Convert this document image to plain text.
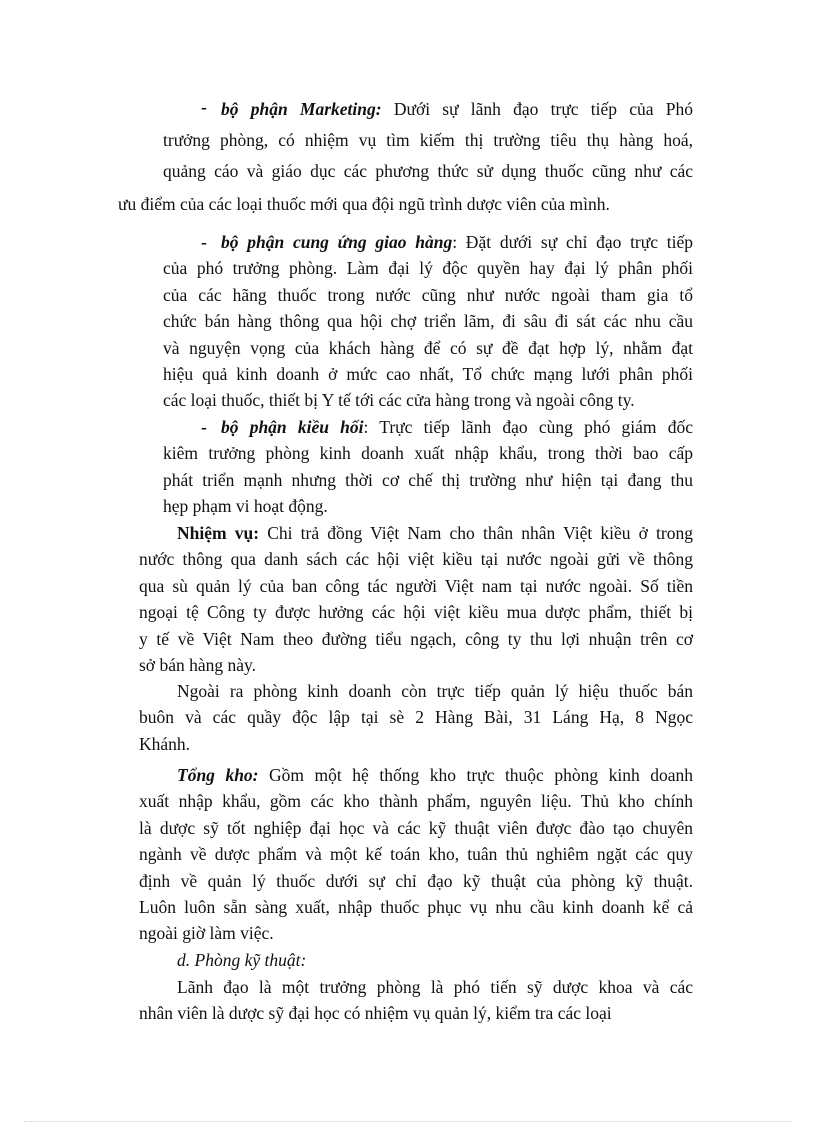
- bộ phận Marketing: Dưới sự lãnh đạo trực tiếp của Phó
trưởng phòng, có nhiệm vụ tìm kiếm thị trường tiêu thụ hàng hoá,
quảng cáo và giáo dục các phương thức sử dụng thuốc cũng như các
ưu điểm của các loại thuốc mới qua đội ngũ trình dược viên của mình.
- bộ phận cung ứng giao hàng: Đặt dưới sự chỉ đạo trực tiếp
của phó trưởng phòng. Làm đại lý độc quyền hay đại lý phân phối
của các hãng thuốc trong nước cũng như nước ngoài tham gia tổ
chức bán hàng thông qua hội chợ triển lãm, đi sâu đi sát các nhu cầu
và nguyện vọng của khách hàng để có sự đề đạt hợp lý, nhằm đạt
hiệu quả kinh doanh ở mức cao nhất, Tổ chức mạng lưới phân phối
các loại thuốc, thiết bị Y tế tới các cửa hàng trong và ngoài công ty.
- bộ phận kiều hối: Trực tiếp lãnh đạo cùng phó giám đốc
kiêm trưởng phòng kinh doanh xuất nhập khẩu, trong thời bao cấp
phát triển mạnh nhưng thời cơ chế thị trường như hiện tại đang thu
hẹp phạm vi hoạt động.
Nhiệm vụ: Chi trả đồng Việt Nam cho thân nhân Việt kiều ở trong
nước thông qua danh sách các hội việt kiều tại nước ngoài gửi về thông
qua sù quản lý của ban công tác người Việt nam tại nước ngoài. Số tiền
ngoại tệ Công ty được hưởng các hội việt kiều mua dược phẩm, thiết bị
y tế về Việt Nam theo đường tiểu ngạch, công ty thu lợi nhuận trên cơ
sở bán hàng này.
Ngoài ra phòng kinh doanh còn trực tiếp quản lý hiệu thuốc bán
buôn và các quầy độc lập tại sè 2 Hàng Bài, 31 Láng Hạ, 8 Ngọc
Khánh.
Tổng kho: Gồm một hệ thống kho trực thuộc phòng kinh doanh
xuất nhập khẩu, gồm các kho thành phẩm, nguyên liệu. Thủ kho chính
là dược sỹ tốt nghiệp đại học và các kỹ thuật viên được đào tạo chuyên
ngành về dược phẩm và một kế toán kho, tuân thủ nghiêm ngặt các quy
định về quản lý thuốc dưới sự chỉ đạo kỹ thuật của phòng kỹ thuật.
Luôn luôn sẵn sàng xuất, nhập thuốc phục vụ nhu cầu kinh doanh kể cả
ngoài giờ làm việc.
d. Phòng kỹ thuật:
Lãnh đạo là một trưởng phòng là phó tiến sỹ dược khoa và các
nhân viên là dược sỹ đại học có nhiệm vụ quản lý, kiểm tra các loại
